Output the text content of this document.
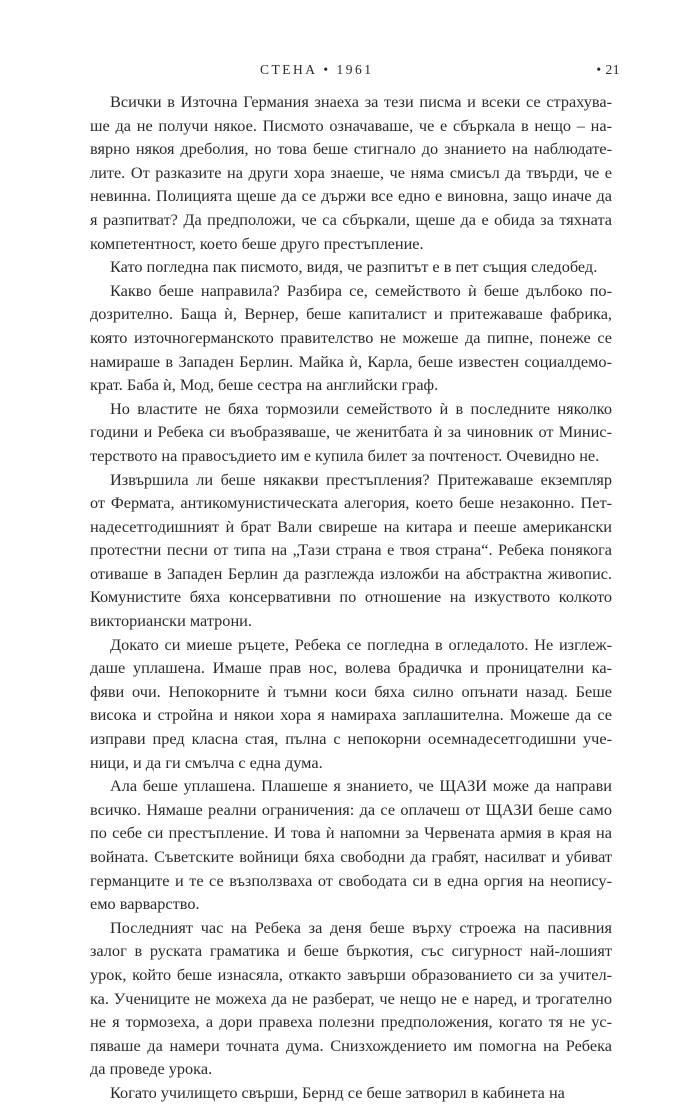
СТЕНА • 1961	• 21
Всички в Източна Германия знаеха за тези писма и всеки се страхува-
ше да не получи някое. Писмото означаваше, че е сбъркала в нещо – на-
вярно някоя дреболия, но това беше стигнало до знанието на наблюдате-
лите. От разказите на други хора знаеше, че няма смисъл да твърди, че е
невинна. Полицията щеше да се държи все едно е виновна, защо иначе да
я разпитват? Да предположи, че са сбъркали, щеше да е обида за тяхната
компетентност, което беше друго престъпление.
Като погледна пак писмото, видя, че разпитът е в пет същия следобед.
Какво беше направила? Разбира се, семейството ѝ беше дълбоко по-
дозрително. Баща ѝ, Вернер, беше капиталист и притежаваше фабрика,
която източногерманското правителство не можеше да пипне, понеже се
намираше в Западен Берлин. Майка ѝ, Карла, беше известен социалдемо-
крат. Баба ѝ, Мод, беше сестра на английски граф.
Но властите не бяха тормозили семейството ѝ в последните няколко
години и Ребека си въобразяваше, че женитбата ѝ за чиновник от Минис-
терството на правосъдието им е купила билет за почтеност. Очевидно не.
Извършила ли беше някакви престъпления? Притежаваше екземпляр
от Фермата, антикомунистическата алегория, което беше незаконно. Пет-
надесетгодишният ѝ брат Вали свиреше на китара и пееше американски
протестни песни от типа на „Тази страна е твоя страна“. Ребека понякога
отиваше в Западен Берлин да разглежда изложби на абстрактна живопис.
Комунистите бяха консервативни по отношение на изкуството колкото
викториански матрони.
Докато си миеше ръцете, Ребека се погледна в огледалото. Не изглеж-
даше уплашена. Имаше прав нос, волева брадичка и проницателни ка-
фяви очи. Непокорните ѝ тъмни коси бяха силно опънати назад. Беше
висока и стройна и някои хора я намираха заплашителна. Можеше да се
изправи пред класна стая, пълна с непокорни осемнадесетгодишни уче-
ници, и да ги смълча с една дума.
Ала беше уплашена. Плашеше я знанието, че ЩАЗИ може да направи
всичко. Нямаше реални ограничения: да се оплачеш от ЩАЗИ беше само
по себе си престъпление. И това ѝ напомни за Червената армия в края на
войната. Съветските войници бяха свободни да грабят, насилват и убиват
германците и те се възползваха от свободата си в една оргия на неопису-
емо варварство.
Последният час на Ребека за деня беше върху строежа на пасивния
залог в руската граматика и беше бъркотия, със сигурност най-лошият
урок, който беше изнасяла, откакто завърши образованието си за учител-
ка. Учениците не можеха да не разберат, че нещо не е наред, и трогателно
не я тормозеха, а дори правеха полезни предположения, когато тя не ус-
пяваше да намери точната дума. Снизхождението им помогна на Ребека
да проведе урока.
Когато училището свърши, Бернд се беше затворил в кабинета на
